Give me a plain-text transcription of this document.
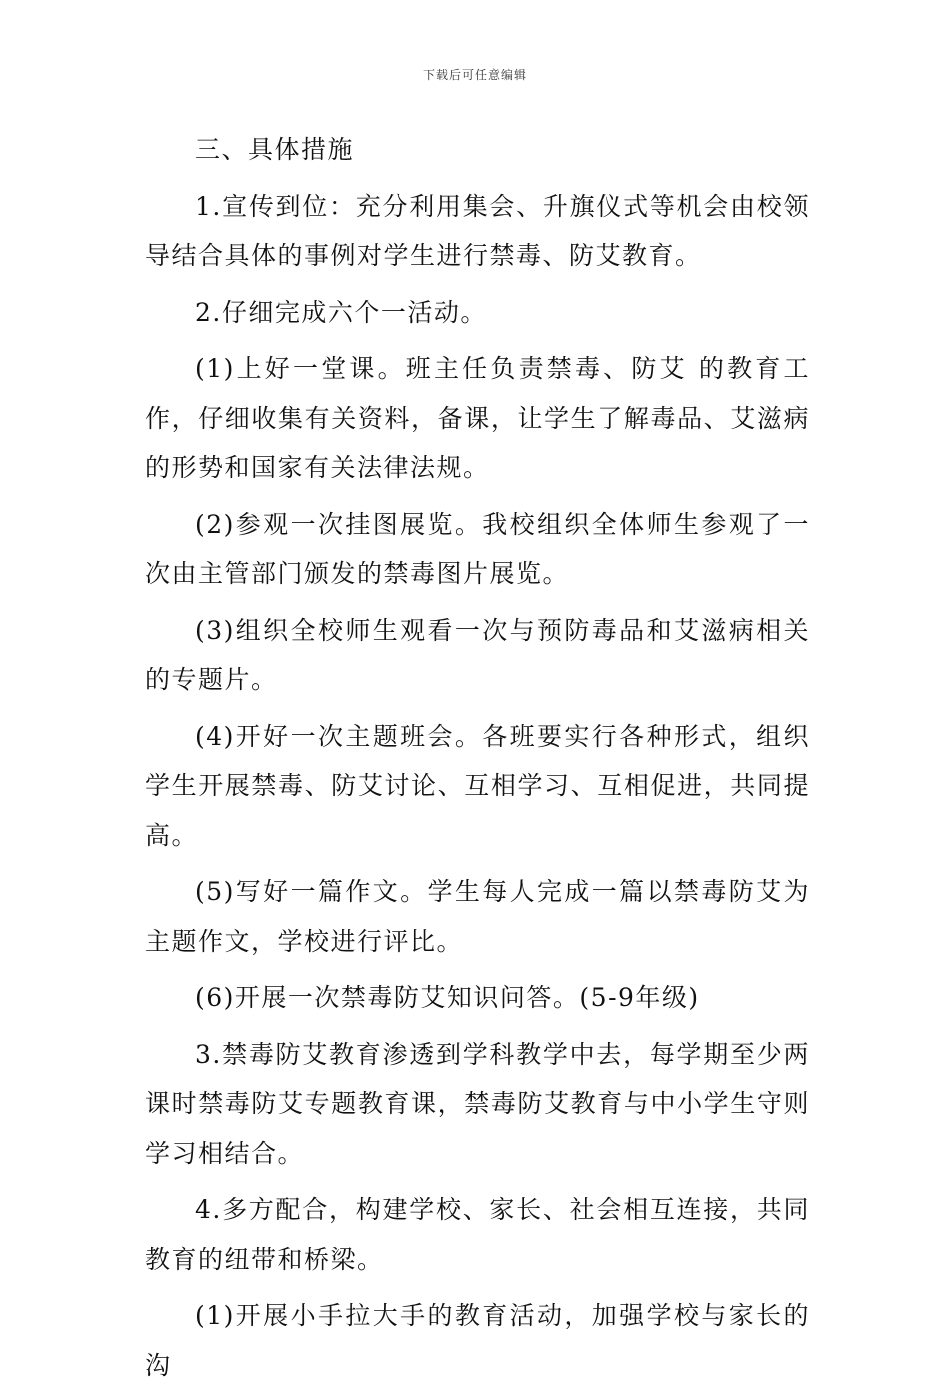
下载后可任意编辑

三、具体措施

1.宣传到位：充分利用集会、升旗仪式等机会由校领导结合具体的事例对学生进行禁毒、防艾教育。

2.仔细完成六个一活动。

(1)上好一堂课。班主任负责禁毒、防艾 的教育工作，仔细收集有关资料，备课，让学生了解毒品、艾滋病的形势和国家有关法律法规。

(2)参观一次挂图展览。我校组织全体师生参观了一次由主管部门颁发的禁毒图片展览。

(3)组织全校师生观看一次与预防毒品和艾滋病相关的专题片。

(4)开好一次主题班会。各班要实行各种形式，组织学生开展禁毒、防艾讨论、互相学习、互相促进，共同提高。

(5)写好一篇作文。学生每人完成一篇以禁毒防艾为主题作文，学校进行评比。

(6)开展一次禁毒防艾知识问答。(5-9年级)

3.禁毒防艾教育渗透到学科教学中去，每学期至少两课时禁毒防艾专题教育课，禁毒防艾教育与中小学生守则学习相结合。

4.多方配合，构建学校、家长、社会相互连接，共同教育的纽带和桥梁。

(1)开展小手拉大手的教育活动，加强学校与家长的沟
